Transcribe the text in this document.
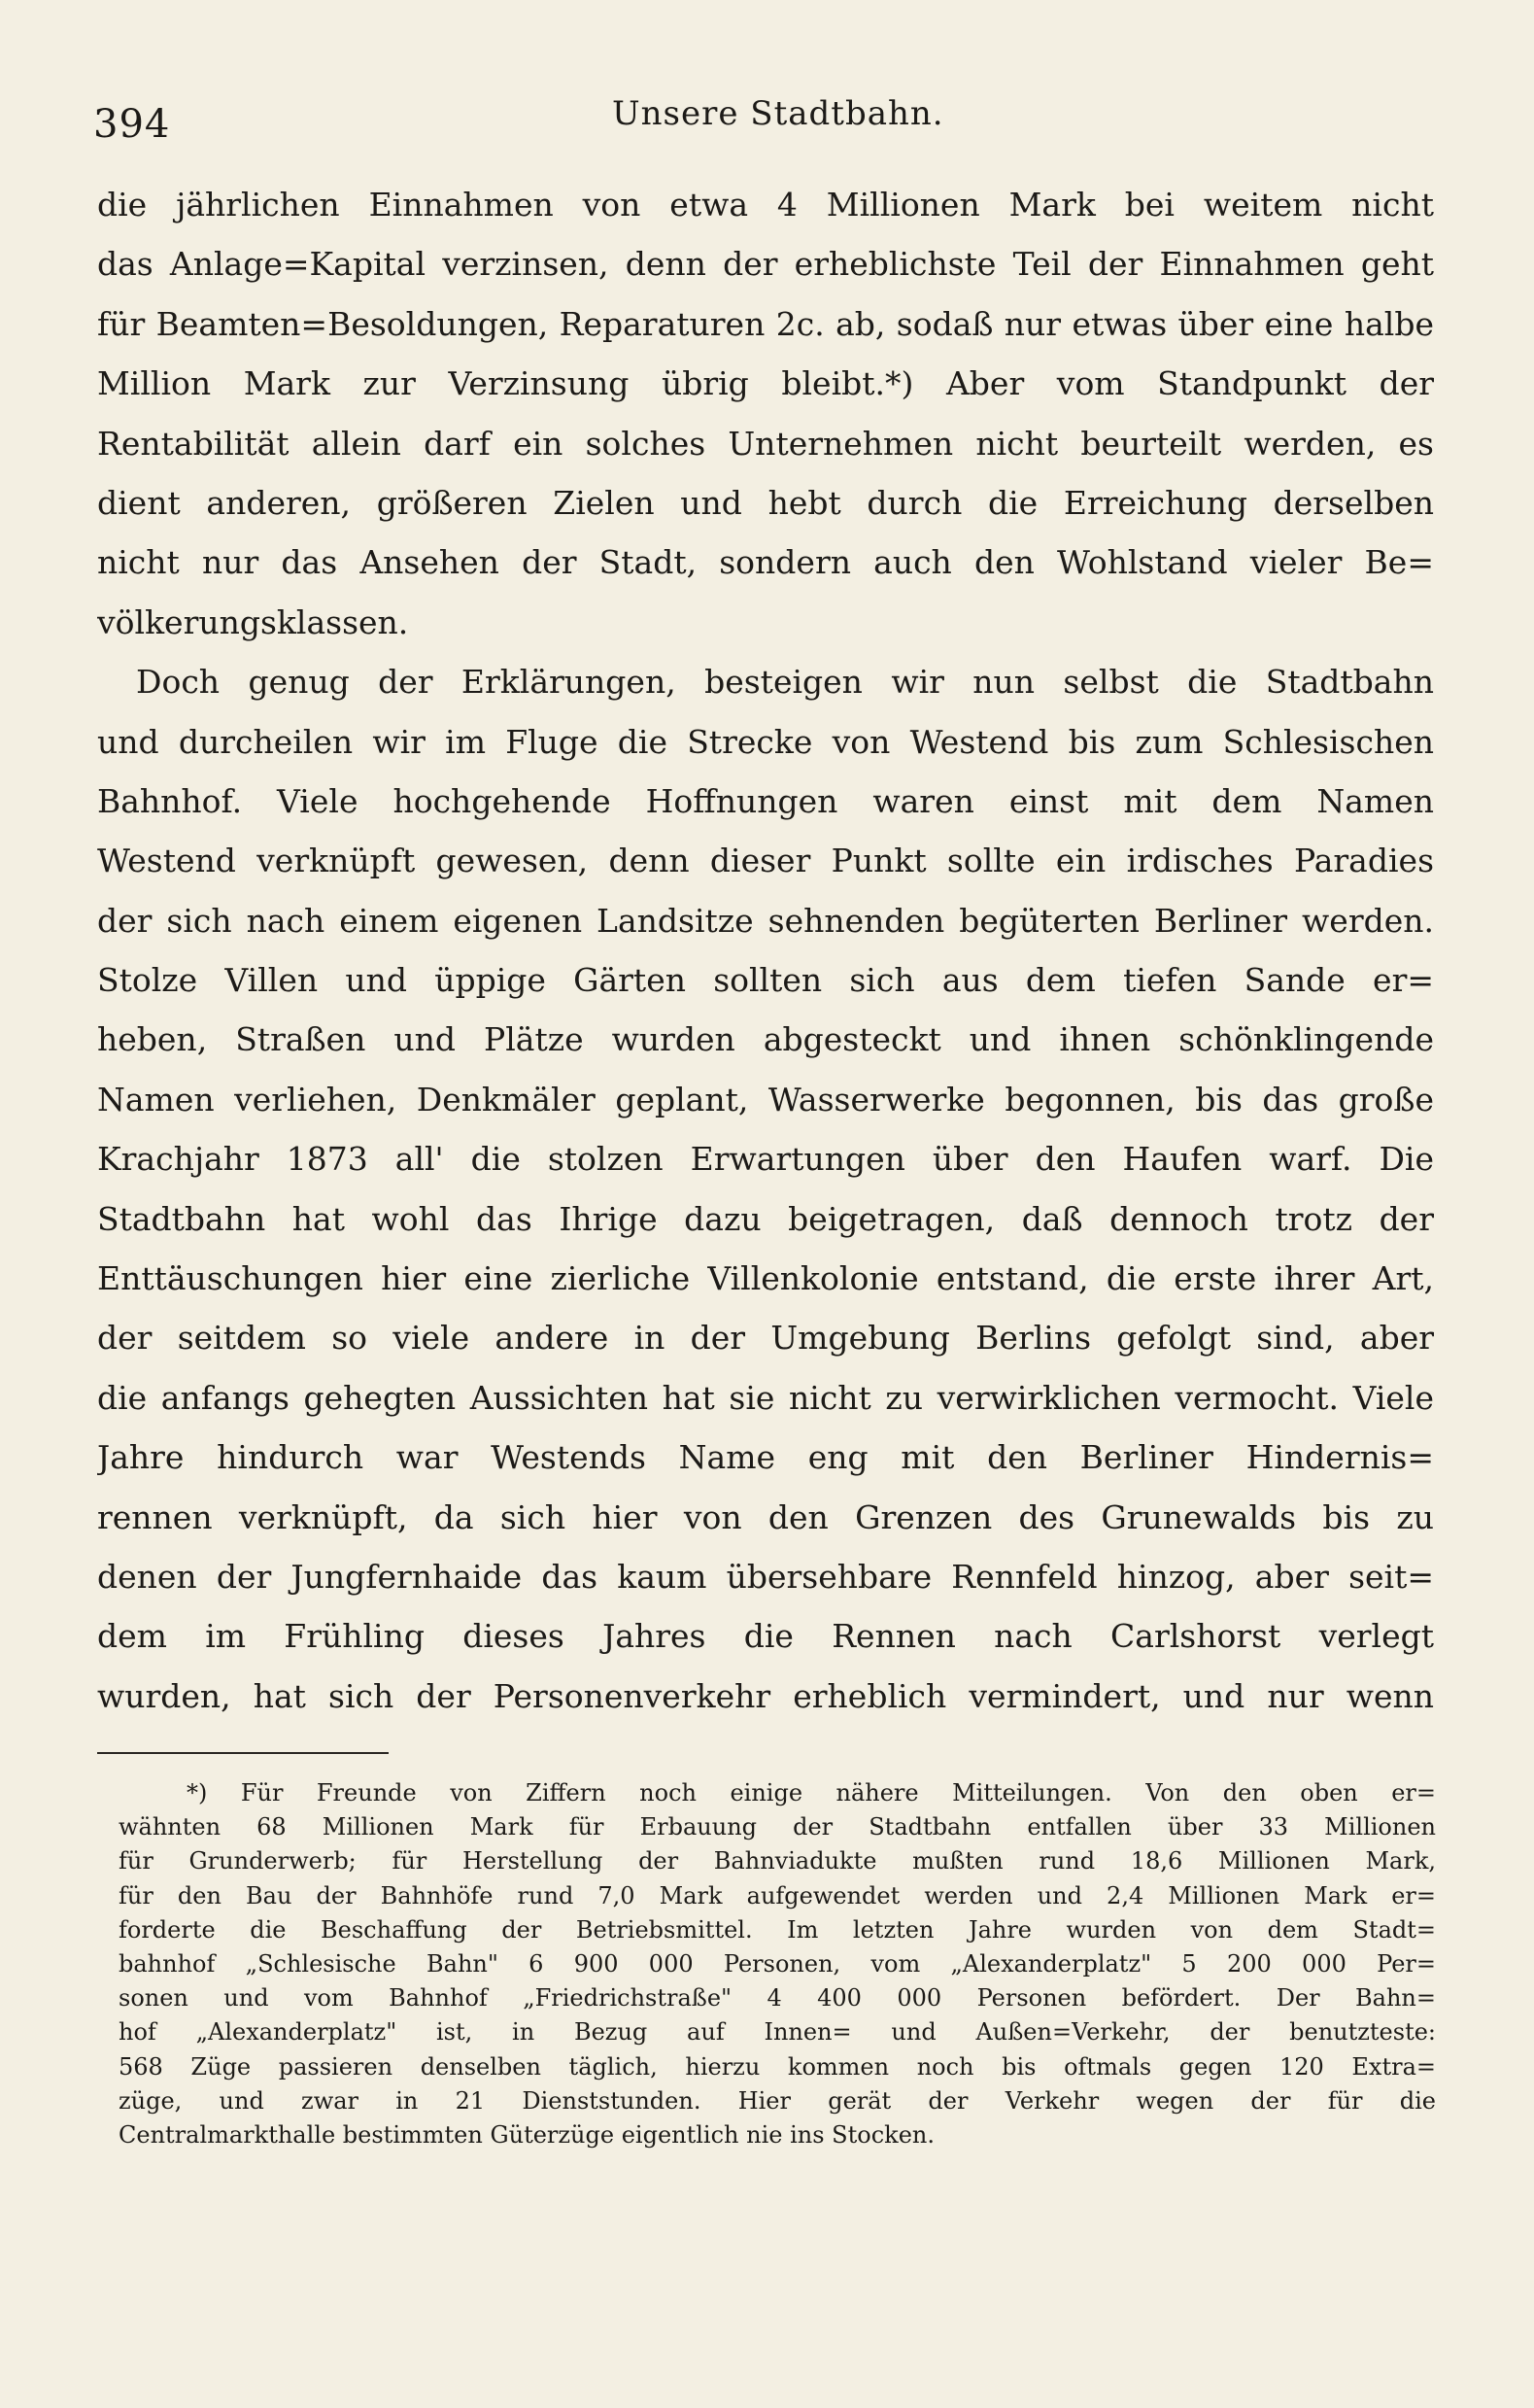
394	Unsere Stadtbahn.
die jährlichen Einnahmen von etwa 4 Millionen Mark bei weitem nicht
das Anlage=Kapital verzinsen, denn der erheblichste Teil der Einnahmen geht
für Beamten=Besoldungen, Reparaturen 2c. ab, sodaß nur etwas über eine halbe
Million Mark zur Verzinsung übrig bleibt.*) Aber vom Standpunkt der
Rentabilität allein darf ein solches Unternehmen nicht beurteilt werden, es
dient anderen, größeren Zielen und hebt durch die Erreichung derselben
nicht nur das Ansehen der Stadt, sondern auch den Wohlstand vieler Be=
völkerungsklassen.
Doch genug der Erklärungen, besteigen wir nun selbst die Stadtbahn
und durcheilen wir im Fluge die Strecke von Westend bis zum Schlesischen
Bahnhof. Viele hochgehende Hoffnungen waren einst mit dem Namen
Westend verknüpft gewesen, denn dieser Punkt sollte ein irdisches Paradies
der sich nach einem eigenen Landsitze sehnenden begüterten Berliner werden.
Stolze Villen und üppige Gärten sollten sich aus dem tiefen Sande er=
heben, Straßen und Plätze wurden abgesteckt und ihnen schönklingende
Namen verliehen, Denkmäler geplant, Wasserwerke begonnen, bis das große
Krachjahr 1873 all' die stolzen Erwartungen über den Haufen warf. Die
Stadtbahn hat wohl das Ihrige dazu beigetragen, daß dennoch trotz der
Enttäuschungen hier eine zierliche Villenkolonie entstand, die erste ihrer Art,
der seitdem so viele andere in der Umgebung Berlins gefolgt sind, aber
die anfangs gehegten Aussichten hat sie nicht zu verwirklichen vermocht. Viele
Jahre hindurch war Westends Name eng mit den Berliner Hindernis=
rennen verknüpft, da sich hier von den Grenzen des Grunewalds bis zu
denen der Jungfernhaide das kaum übersehbare Rennfeld hinzog, aber seit=
dem im Frühling dieses Jahres die Rennen nach Carlshorst verlegt
wurden, hat sich der Personenverkehr erheblich vermindert, und nur wenn
*) Für Freunde von Ziffern noch einige nähere Mitteilungen. Von den oben er=
wähnten 68 Millionen Mark für Erbauung der Stadtbahn entfallen über 33 Millionen
für Grunderwerb; für Herstellung der Bahnviadukte mußten rund 18,6 Millionen Mark,
für den Bau der Bahnhöfe rund 7,0 Mark aufgewendet werden und 2,4 Millionen Mark er=
forderte die Beschaffung der Betriebsmittel. Im letzten Jahre wurden von dem Stadt=
bahnhof „Schlesische Bahn" 6 900 000 Personen, vom „Alexanderplatz" 5 200 000 Per=
sonen und vom Bahnhof „Friedrichstraße" 4 400 000 Personen befördert. Der Bahn=
hof „Alexanderplatz" ist, in Bezug auf Innen= und Außen=Verkehr, der benutzteste:
568 Züge passieren denselben täglich, hierzu kommen noch bis oftmals gegen 120 Extra=
züge, und zwar in 21 Dienststunden. Hier gerät der Verkehr wegen der für die
Centralmarkthalle bestimmten Güterzüge eigentlich nie ins Stocken.
